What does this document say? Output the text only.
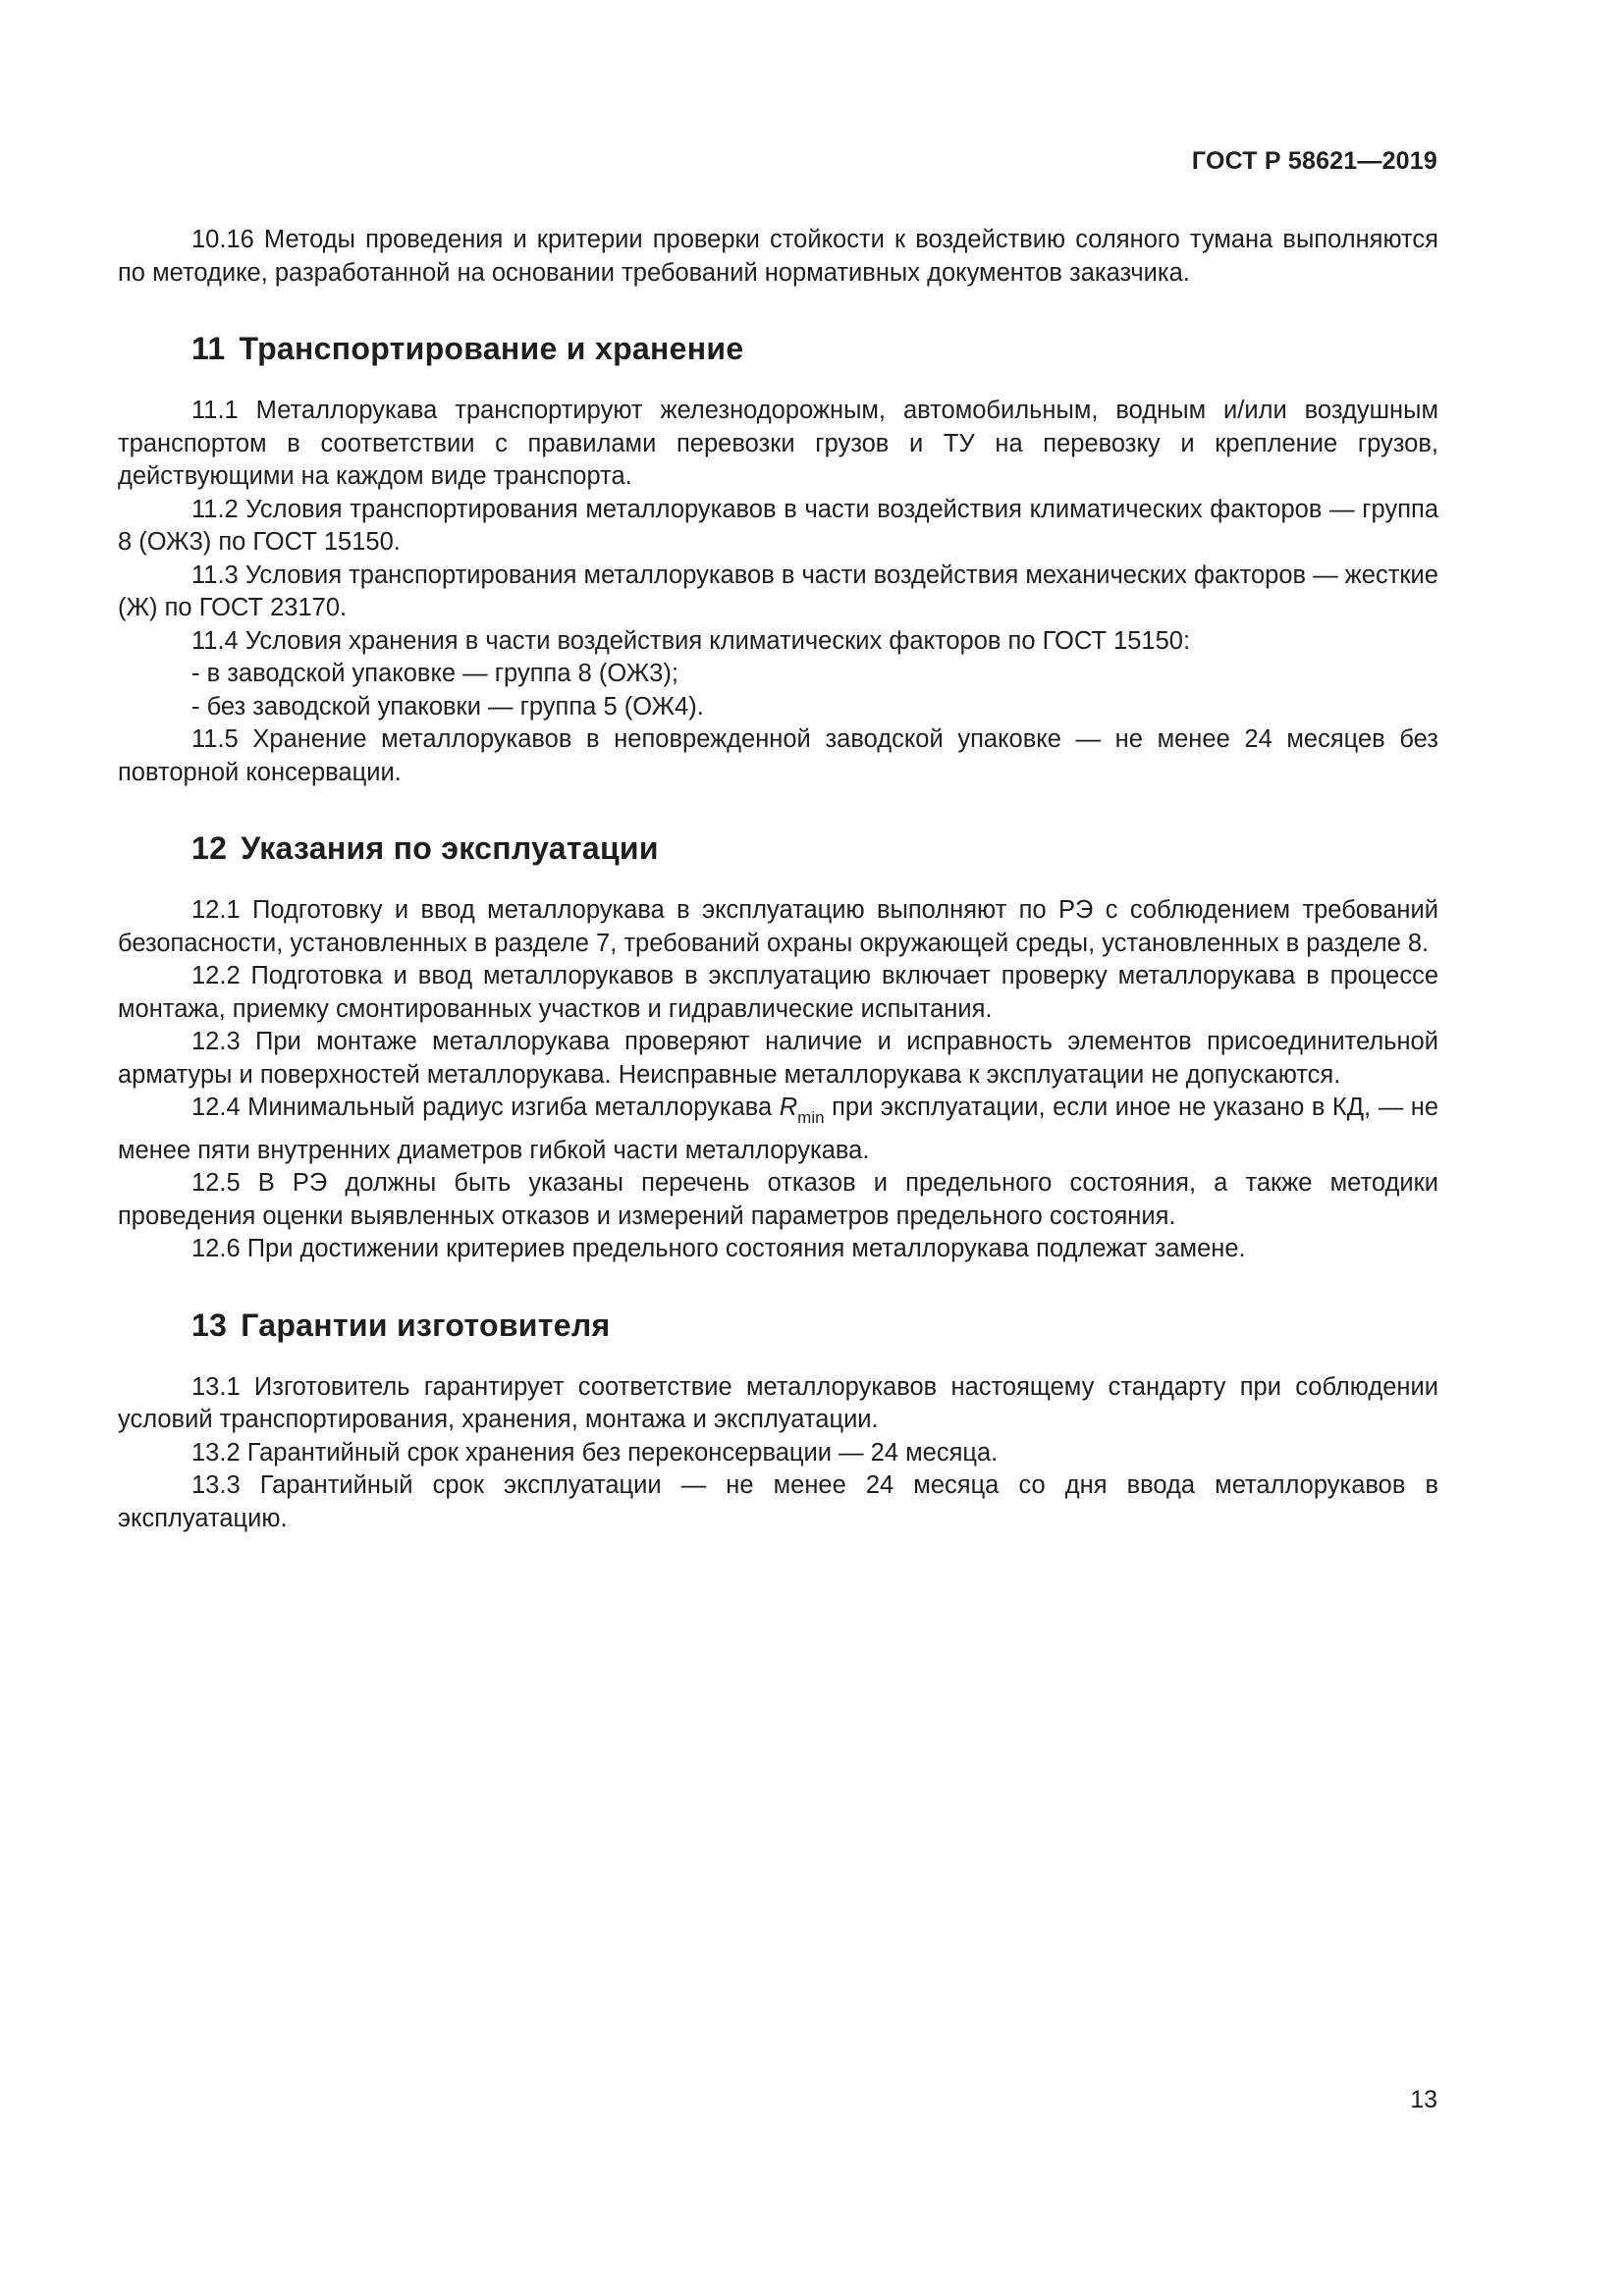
ГОСТ Р 58621—2019

10.16 Методы проведения и критерии проверки стойкости к воздействию соляного тумана выполняются по методике, разработанной на основании требований нормативных документов заказчика.

11 Транспортирование и хранение

11.1 Металлорукава транспортируют железнодорожным, автомобильным, водным и/или воздушным транспортом в соответствии с правилами перевозки грузов и ТУ на перевозку и крепление грузов, действующими на каждом виде транспорта.

11.2 Условия транспортирования металлорукавов в части воздействия климатических факторов — группа 8 (ОЖ3) по ГОСТ 15150.

11.3 Условия транспортирования металлорукавов в части воздействия механических факторов — жесткие (Ж) по ГОСТ 23170.

11.4 Условия хранения в части воздействия климатических факторов по ГОСТ 15150:

- в заводской упаковке — группа 8 (ОЖ3);

- без заводской упаковки — группа 5 (ОЖ4).

11.5 Хранение металлорукавов в неповрежденной заводской упаковке — не менее 24 месяцев без повторной консервации.

12 Указания по эксплуатации

12.1 Подготовку и ввод металлорукава в эксплуатацию выполняют по РЭ с соблюдением требований безопасности, установленных в разделе 7, требований охраны окружающей среды, установленных в разделе 8.

12.2 Подготовка и ввод металлорукавов в эксплуатацию включает проверку металлорукава в процессе монтажа, приемку смонтированных участков и гидравлические испытания.

12.3 При монтаже металлорукава проверяют наличие и исправность элементов присоединительной арматуры и поверхностей металлорукава. Неисправные металлорукава к эксплуатации не допускаются.

12.4 Минимальный радиус изгиба металлорукава $R_{min}$ при эксплуатации, если иное не указано в КД, — не менее пяти внутренних диаметров гибкой части металлорукава.

12.5 В РЭ должны быть указаны перечень отказов и предельного состояния, а также методики проведения оценки выявленных отказов и измерений параметров предельного состояния.

12.6 При достижении критериев предельного состояния металлорукава подлежат замене.

13 Гарантии изготовителя

13.1 Изготовитель гарантирует соответствие металлорукавов настоящему стандарту при соблюдении условий транспортирования, хранения, монтажа и эксплуатации.

13.2 Гарантийный срок хранения без переконсервации — 24 месяца.

13.3 Гарантийный срок эксплуатации — не менее 24 месяца со дня ввода металлорукавов в эксплуатацию.

13
